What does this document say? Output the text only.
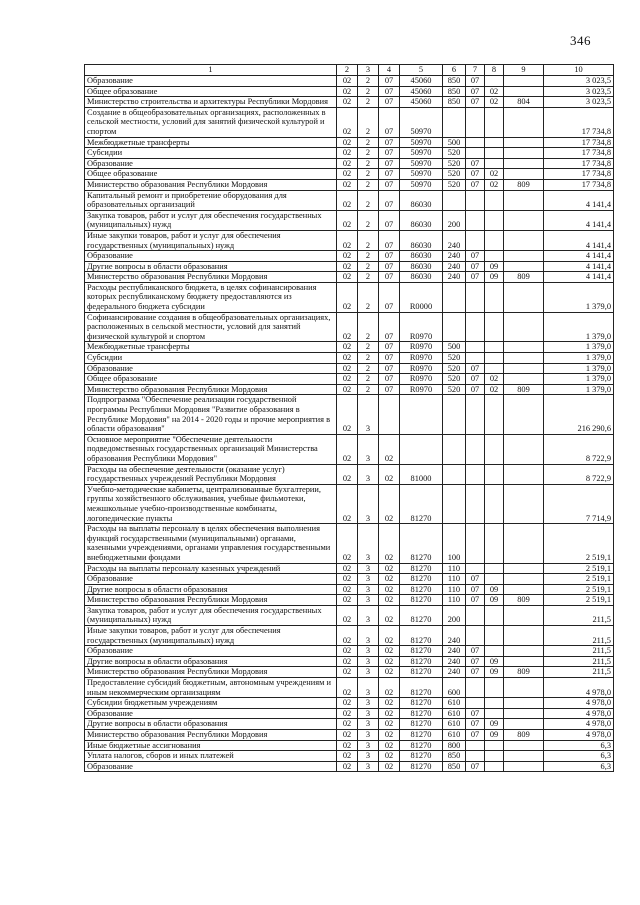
346
1	2	3	4	5	6	7	8	9	10
Образование	02	2	07	45060	850	07			3 023,5
Общее образование	02	2	07	45060	850	07	02		3 023,5
Министерство строительства и архитектуры Республики Мордовия	02	2	07	45060	850	07	02	804	3 023,5
Создание в общеобразовательных организациях, расположенных в сельской местности, условий для занятий физической культурой и спортом	02	2	07	50970					17 734,8
Межбюджетные трансферты	02	2	07	50970	500				17 734,8
Субсидии	02	2	07	50970	520				17 734,8
Образование	02	2	07	50970	520	07			17 734,8
Общее образование	02	2	07	50970	520	07	02		17 734,8
Министерство образования Республики Мордовия	02	2	07	50970	520	07	02	809	17 734,8
Капитальный ремонт и приобретение оборудования для образовательных организаций	02	2	07	86030					4 141,4
Закупка товаров, работ и услуг для обеспечения государственных (муниципальных) нужд	02	2	07	86030	200				4 141,4
Иные закупки товаров, работ и услуг для обеспечения государственных (муниципальных) нужд	02	2	07	86030	240				4 141,4
Образование	02	2	07	86030	240	07			4 141,4
Другие вопросы в области образования	02	2	07	86030	240	07	09		4 141,4
Министерство образования Республики Мордовия	02	2	07	86030	240	07	09	809	4 141,4
Расходы республиканского бюджета, в целях софинансирования которых республиканскому бюджету предоставляются из федерального бюджета субсидии	02	2	07	R0000					1 379,0
Софинансирование создания в общеобразовательных организациях, расположенных в сельской местности, условий для занятий физической культурой и спортом	02	2	07	R0970					1 379,0
Межбюджетные трансферты	02	2	07	R0970	500				1 379,0
Субсидии	02	2	07	R0970	520				1 379,0
Образование	02	2	07	R0970	520	07			1 379,0
Общее образование	02	2	07	R0970	520	07	02		1 379,0
Министерство образования Республики Мордовия	02	2	07	R0970	520	07	02	809	1 379,0
Подпрограмма "Обеспечение реализации государственной программы Республики Мордовия "Развитие образования в Республике Мордовия" на 2014 - 2020 годы и прочие мероприятия в области образования"	02	3							216 290,6
Основное мероприятие "Обеспечение деятельности подведомственных государственных организаций Министерства образования Республики Мордовия"	02	3	02						8 722,9
Расходы на обеспечение деятельности (оказание услуг) государственных учреждений Республики Мордовия	02	3	02	81000					8 722,9
Учебно-методические кабинеты, централизованные бухгалтерии, группы хозяйственного обслуживания, учебные фильмотеки, межшкольные учебно-производственные комбинаты, логопедические пункты	02	3	02	81270					7 714,9
Расходы на выплаты персоналу в целях обеспечения выполнения функций государственными (муниципальными) органами, казенными учреждениями, органами управления государственными внебюджетными фондами	02	3	02	81270	100				2 519,1
Расходы на выплаты персоналу казенных учреждений	02	3	02	81270	110				2 519,1
Образование	02	3	02	81270	110	07			2 519,1
Другие вопросы в области образования	02	3	02	81270	110	07	09		2 519,1
Министерство образования Республики Мордовия	02	3	02	81270	110	07	09	809	2 519,1
Закупка товаров, работ и услуг для обеспечения государственных (муниципальных) нужд	02	3	02	81270	200				211,5
Иные закупки товаров, работ и услуг для обеспечения государственных (муниципальных) нужд	02	3	02	81270	240				211,5
Образование	02	3	02	81270	240	07			211,5
Другие вопросы в области образования	02	3	02	81270	240	07	09		211,5
Министерство образования Республики Мордовия	02	3	02	81270	240	07	09	809	211,5
Предоставление субсидий бюджетным, автономным учреждениям и иным некоммерческим организациям	02	3	02	81270	600				4 978,0
Субсидии бюджетным учреждениям	02	3	02	81270	610				4 978,0
Образование	02	3	02	81270	610	07			4 978,0
Другие вопросы в области образования	02	3	02	81270	610	07	09		4 978,0
Министерство образования Республики Мордовия	02	3	02	81270	610	07	09	809	4 978,0
Иные бюджетные ассигнования	02	3	02	81270	800				6,3
Уплата налогов, сборов и иных платежей	02	3	02	81270	850				6,3
Образование	02	3	02	81270	850	07			6,3
